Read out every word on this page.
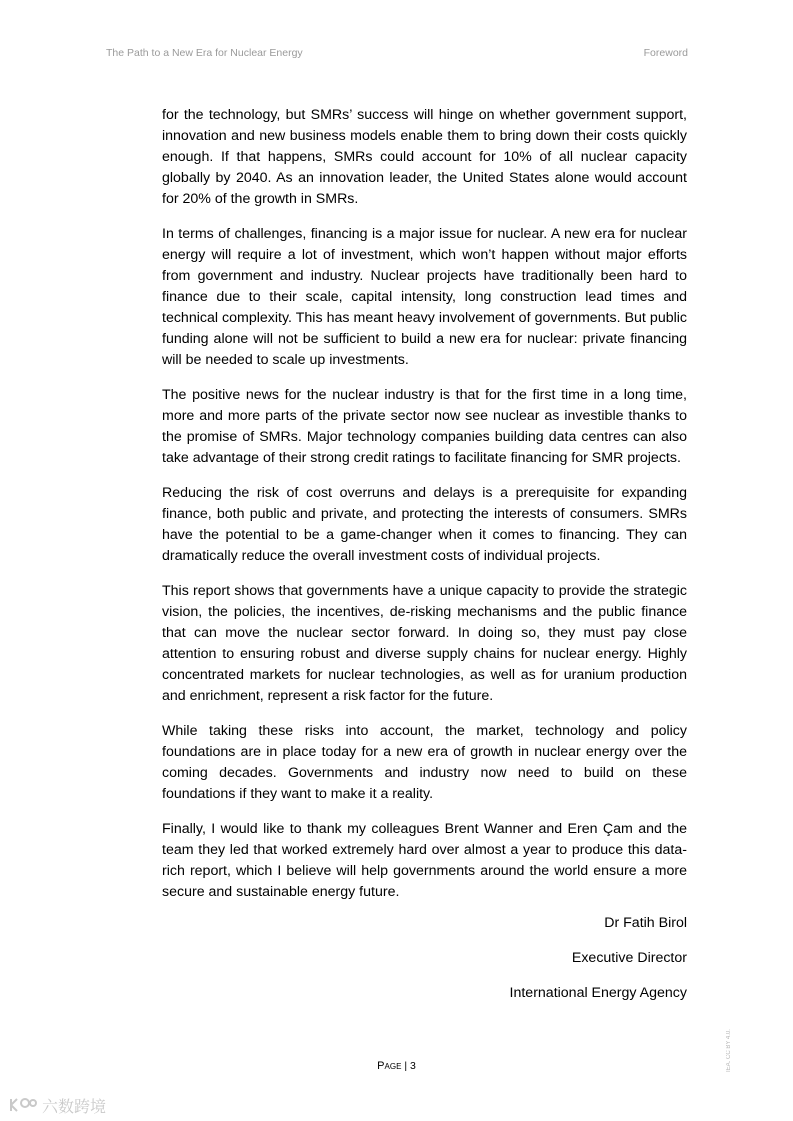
The Path to a New Era for Nuclear Energy	Foreword

for the technology, but SMRs’ success will hinge on whether government support, innovation and new business models enable them to bring down their costs quickly enough. If that happens, SMRs could account for 10% of all nuclear capacity globally by 2040. As an innovation leader, the United States alone would account for 20% of the growth in SMRs.

In terms of challenges, financing is a major issue for nuclear. A new era for nuclear energy will require a lot of investment, which won’t happen without major efforts from government and industry. Nuclear projects have traditionally been hard to finance due to their scale, capital intensity, long construction lead times and technical complexity. This has meant heavy involvement of governments. But public funding alone will not be sufficient to build a new era for nuclear: private financing will be needed to scale up investments.

The positive news for the nuclear industry is that for the first time in a long time, more and more parts of the private sector now see nuclear as investible thanks to the promise of SMRs. Major technology companies building data centres can also take advantage of their strong credit ratings to facilitate financing for SMR projects.

Reducing the risk of cost overruns and delays is a prerequisite for expanding finance, both public and private, and protecting the interests of consumers. SMRs have the potential to be a game-changer when it comes to financing. They can dramatically reduce the overall investment costs of individual projects.

This report shows that governments have a unique capacity to provide the strategic vision, the policies, the incentives, de-risking mechanisms and the public finance that can move the nuclear sector forward. In doing so, they must pay close attention to ensuring robust and diverse supply chains for nuclear energy. Highly concentrated markets for nuclear technologies, as well as for uranium production and enrichment, represent a risk factor for the future.

While taking these risks into account, the market, technology and policy foundations are in place today for a new era of growth in nuclear energy over the coming decades. Governments and industry now need to build on these foundations if they want to make it a reality.

Finally, I would like to thank my colleagues Brent Wanner and Eren Çam and the team they led that worked extremely hard over almost a year to produce this data-rich report, which I believe will help governments around the world ensure a more secure and sustainable energy future.

Dr Fatih Birol
Executive Director
International Energy Agency
IEA. CC BY 4.0.
Page | 3
六数跨境
